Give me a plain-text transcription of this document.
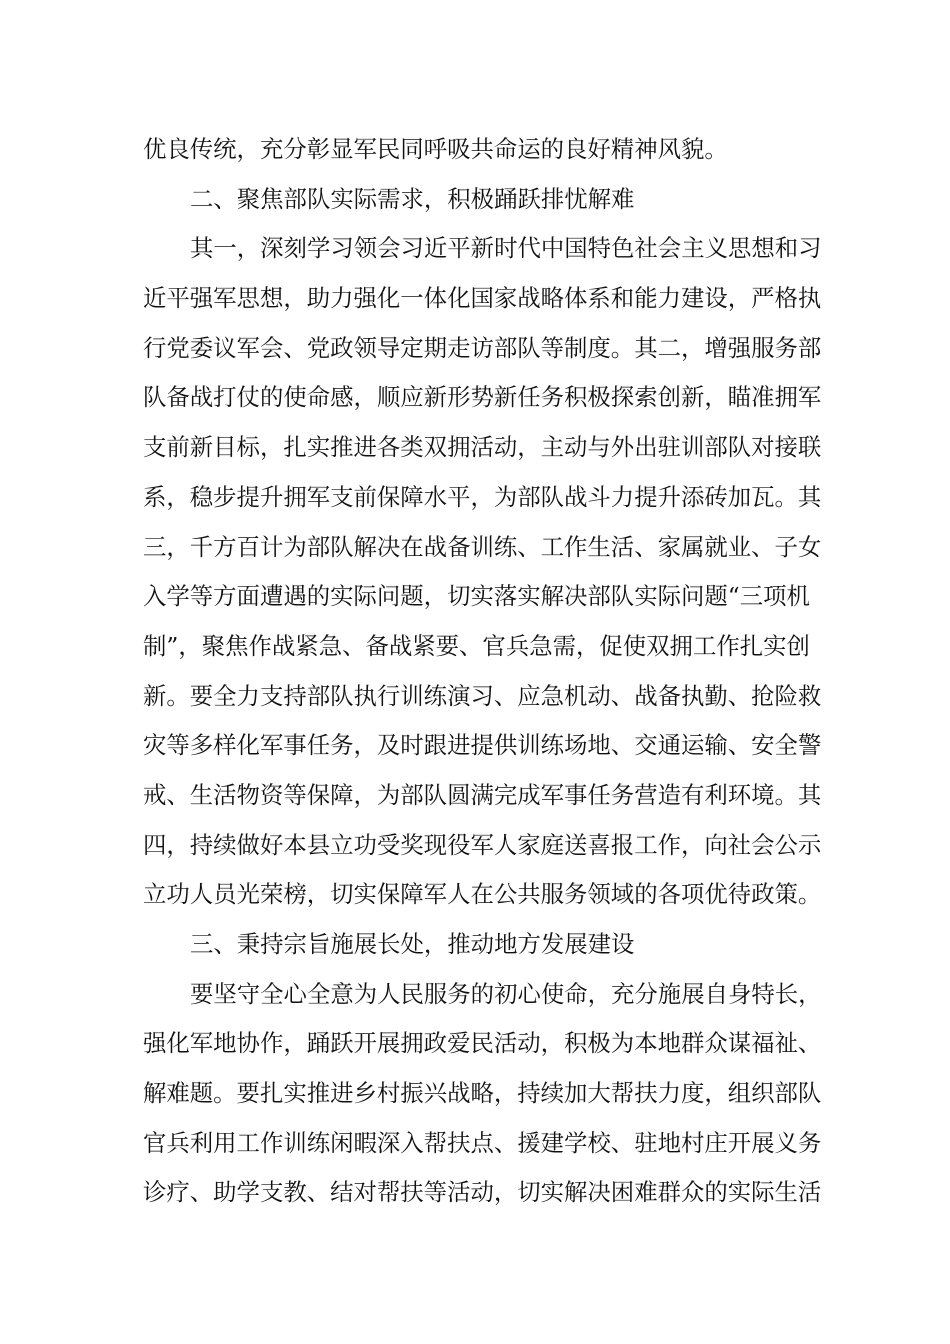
优良传统，充分彰显军民同呼吸共命运的良好精神风貌。
二、聚焦部队实际需求，积极踊跃排忧解难
其一，深刻学习领会习近平新时代中国特色社会主义思想和习
近平强军思想，助力强化一体化国家战略体系和能力建设，严格执
行党委议军会、党政领导定期走访部队等制度。其二，增强服务部
队备战打仗的使命感，顺应新形势新任务积极探索创新，瞄准拥军
支前新目标，扎实推进各类双拥活动，主动与外出驻训部队对接联
系，稳步提升拥军支前保障水平，为部队战斗力提升添砖加瓦。其
三，千方百计为部队解决在战备训练、工作生活、家属就业、子女
入学等方面遭遇的实际问题，切实落实解决部队实际问题“三项机
制”，聚焦作战紧急、备战紧要、官兵急需，促使双拥工作扎实创
新。要全力支持部队执行训练演习、应急机动、战备执勤、抢险救
灾等多样化军事任务，及时跟进提供训练场地、交通运输、安全警
戒、生活物资等保障，为部队圆满完成军事任务营造有利环境。其
四，持续做好本县立功受奖现役军人家庭送喜报工作，向社会公示
立功人员光荣榜，切实保障军人在公共服务领域的各项优待政策。
三、秉持宗旨施展长处，推动地方发展建设
要坚守全心全意为人民服务的初心使命，充分施展自身特长，
强化军地协作，踊跃开展拥政爱民活动，积极为本地群众谋福祉、
解难题。要扎实推进乡村振兴战略，持续加大帮扶力度，组织部队
官兵利用工作训练闲暇深入帮扶点、援建学校、驻地村庄开展义务
诊疗、助学支教、结对帮扶等活动，切实解决困难群众的实际生活
